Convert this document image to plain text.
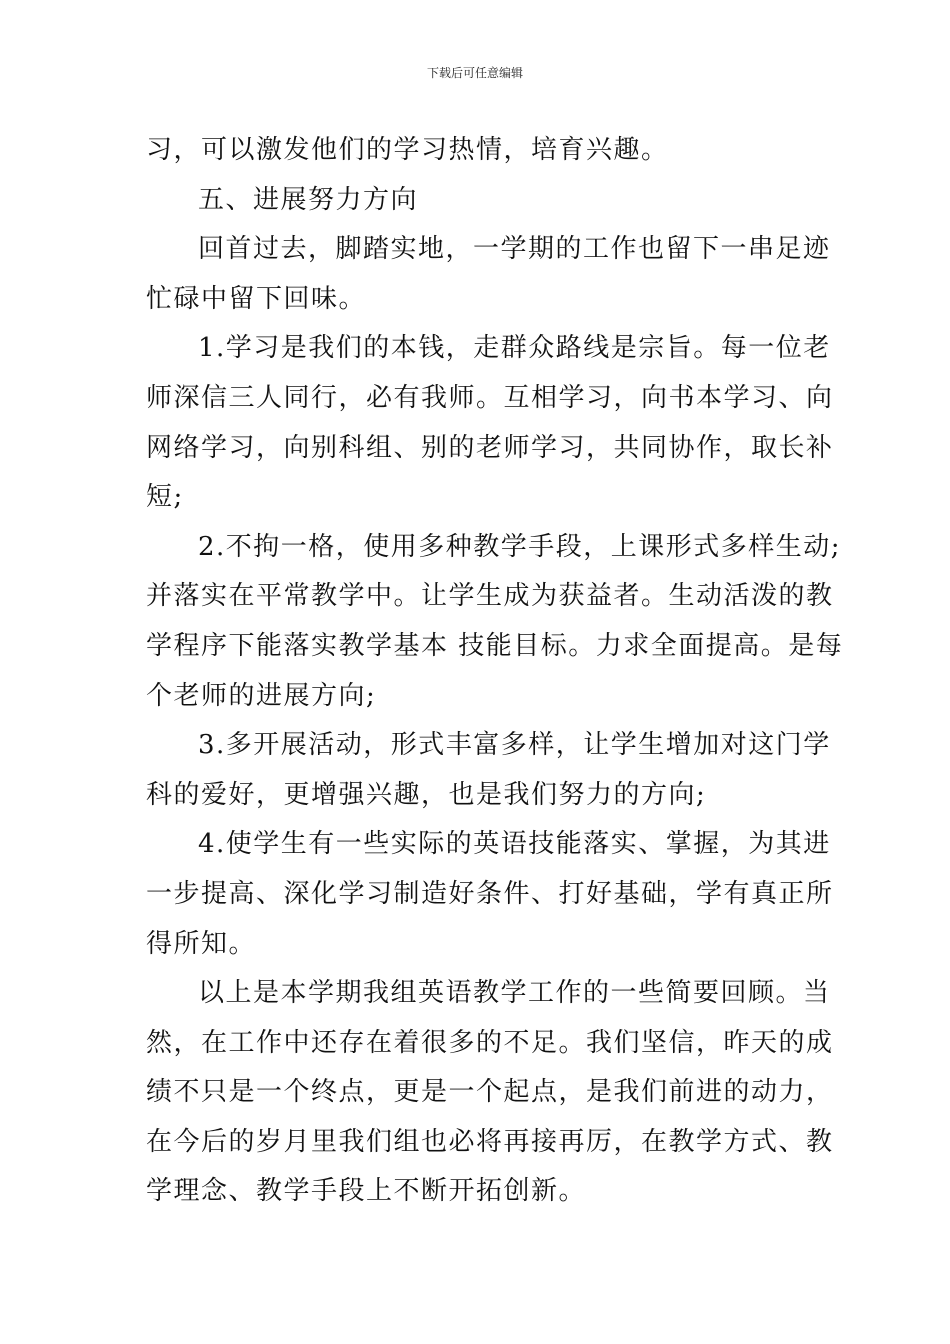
下载后可任意编辑
习，可以激发他们的学习热情，培育兴趣。
五、进展努力方向
回首过去，脚踏实地，一学期的工作也留下一串足迹
忙碌中留下回味。
1.学习是我们的本钱，走群众路线是宗旨。每一位老
师深信三人同行，必有我师。互相学习，向书本学习、向
网络学习，向别科组、别的老师学习，共同协作，取长补
短;
2.不拘一格，使用多种教学手段，上课形式多样生动;
并落实在平常教学中。让学生成为获益者。生动活泼的教
学程序下能落实教学基本 技能目标。力求全面提高。是每
个老师的进展方向;
3.多开展活动，形式丰富多样，让学生增加对这门学
科的爱好，更增强兴趣，也是我们努力的方向;
4.使学生有一些实际的英语技能落实、掌握，为其进
一步提高、深化学习制造好条件、打好基础，学有真正所
得所知。
以上是本学期我组英语教学工作的一些简要回顾。当
然，在工作中还存在着很多的不足。我们坚信，昨天的成
绩不只是一个终点，更是一个起点，是我们前进的动力，
在今后的岁月里我们组也必将再接再厉，在教学方式、教
学理念、教学手段上不断开拓创新。
